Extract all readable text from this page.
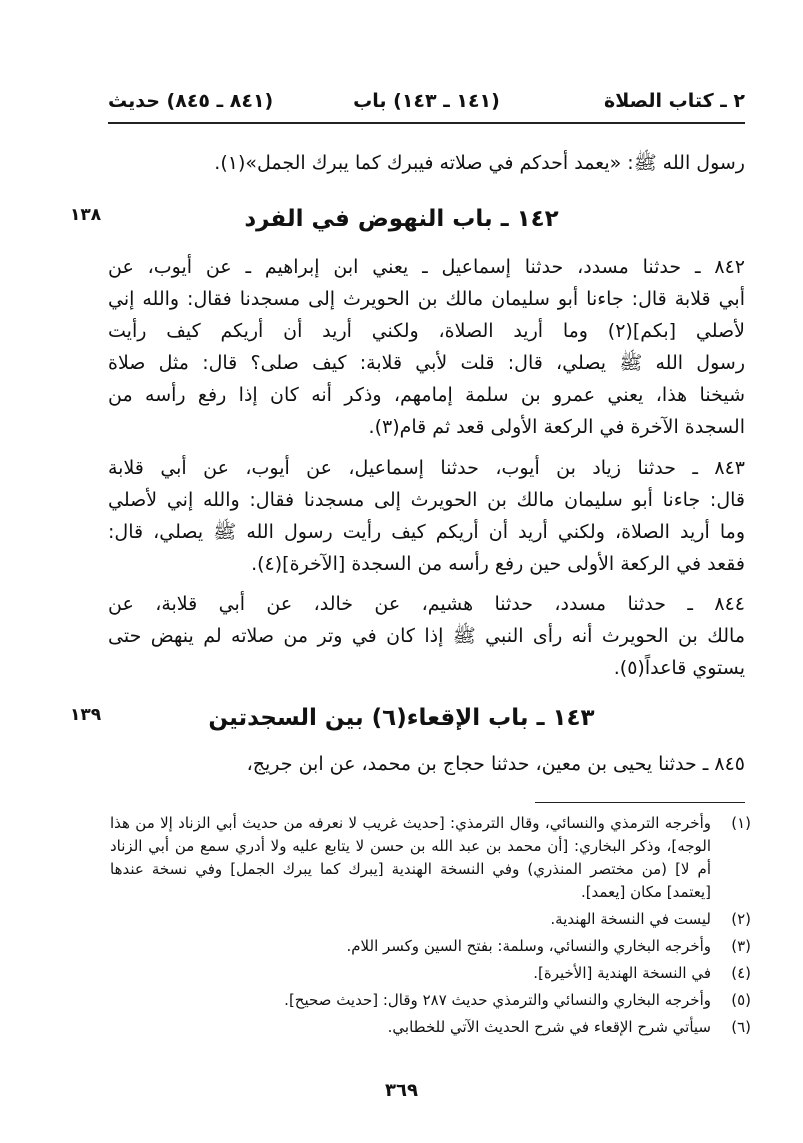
٢ ـ كتاب الصلاة
(١٤١ ـ ١٤٣) باب
(٨٤١ ـ ٨٤٥) حديث
رسول الله ﷺ: «يعمد أحدكم في صلاته فيبرك كما يبرك الجمل»(١).
١٣٨	١٤٢ ـ باب النهوض في الفرد
٨٤٢ ـ حدثنا مسدد، حدثنا إسماعيل ـ يعني ابن إبراهيم ـ عن أيوب، عن
أبي قلابة قال: جاءنا أبو سليمان مالك بن الحويرث إلى مسجدنا فقال: والله إني
لأصلي [بكم](٢) وما أريد الصلاة، ولكني أريد أن أريكم كيف رأيت
رسول الله ﷺ يصلي، قال: قلت لأبي قلابة: كيف صلى؟ قال: مثل صلاة
شيخنا هذا، يعني عمرو بن سلمة إمامهم، وذكر أنه كان إذا رفع رأسه من
السجدة الآخرة في الركعة الأولى قعد ثم قام(٣).
٨٤٣ ـ حدثنا زياد بن أيوب، حدثنا إسماعيل، عن أيوب، عن أبي قلابة
قال: جاءنا أبو سليمان مالك بن الحويرث إلى مسجدنا فقال: والله إني لأصلي
وما أريد الصلاة، ولكني أريد أن أريكم كيف رأيت رسول الله ﷺ يصلي، قال:
فقعد في الركعة الأولى حين رفع رأسه من السجدة [الآخرة](٤).
٨٤٤ ـ حدثنا مسدد، حدثنا هشيم، عن خالد، عن أبي قلابة، عن
مالك بن الحويرث أنه رأى النبي ﷺ إذا كان في وتر من صلاته لم ينهض حتى
يستوي قاعداً(٥).
١٣٩	١٤٣ ـ باب الإقعاء(٦) بين السجدتين
٨٤٥ ـ حدثنا يحيى بن معين، حدثنا حجاج بن محمد، عن ابن جريج،
(١)
وأخرجه الترمذي والنسائي، وقال الترمذي: [حديث غريب لا نعرفه من حديث أبي الزناد إلا من هذا الوجه]، وذكر البخاري: [أن محمد بن عبد الله بن حسن لا يتابع عليه ولا أدري سمع من أبي الزناد أم لا] (من مختصر المنذري) وفي النسخة الهندية [يبرك كما يبرك الجمل] وفي نسخة عندها [يعتمد] مكان [يعمد].
(٢)
ليست في النسخة الهندية.
(٣)
وأخرجه البخاري والنسائي، وسلمة: بفتح السين وكسر اللام.
(٤)
في النسخة الهندية [الأخيرة].
(٥)
وأخرجه البخاري والنسائي والترمذي حديث ٢٨٧ وقال: [حديث صحيح].
(٦)
سيأتي شرح الإقعاء في شرح الحديث الآتي للخطابي.
٣٦٩
